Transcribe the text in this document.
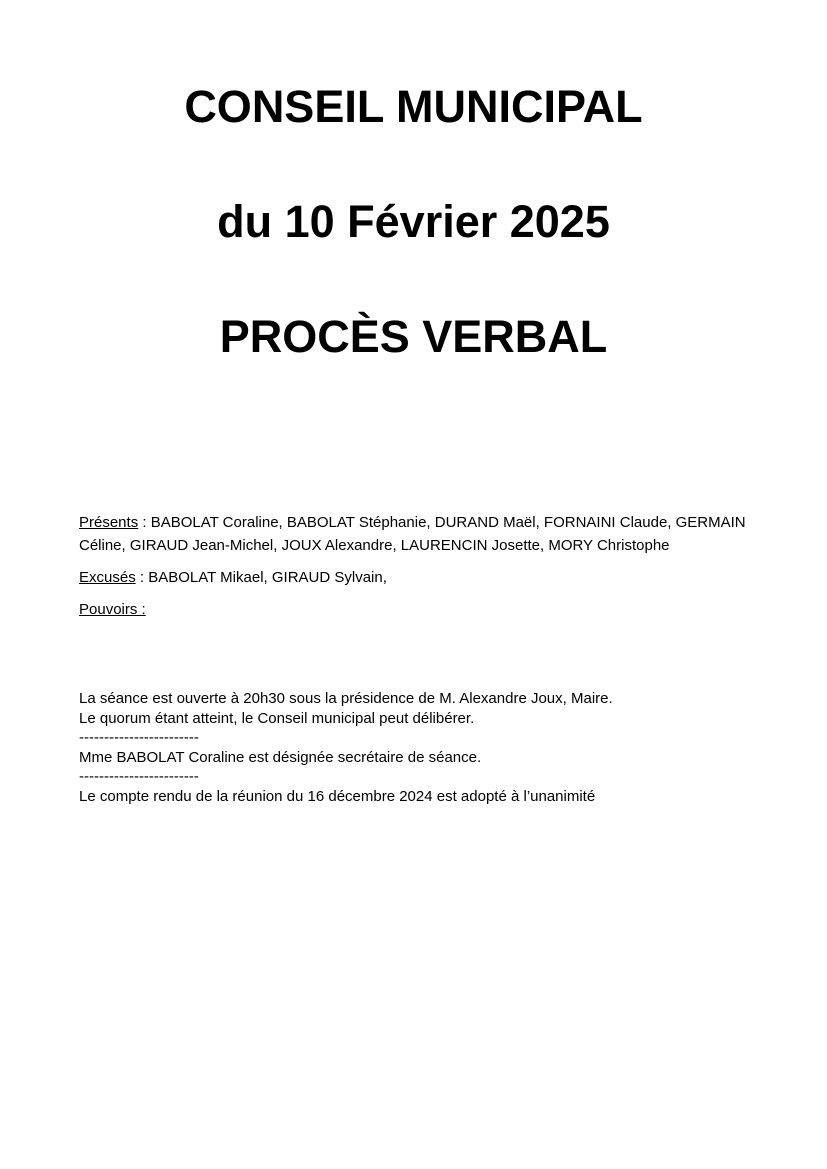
CONSEIL MUNICIPAL
du 10 Février 2025
PROCÈS VERBAL

Présents : BABOLAT Coraline, BABOLAT Stéphanie, DURAND Maël, FORNAINI Claude, GERMAIN Céline, GIRAUD Jean-Michel, JOUX Alexandre, LAURENCIN Josette, MORY Christophe

Excusés : BABOLAT Mikael, GIRAUD Sylvain,

Pouvoirs :

La séance est ouverte à 20h30 sous la présidence de M. Alexandre Joux, Maire.
Le quorum étant atteint, le Conseil municipal peut délibérer.
------------------------
Mme BABOLAT Coraline est désignée secrétaire de séance.
------------------------
Le compte rendu de la réunion du 16 décembre 2024 est adopté à l’unanimité
